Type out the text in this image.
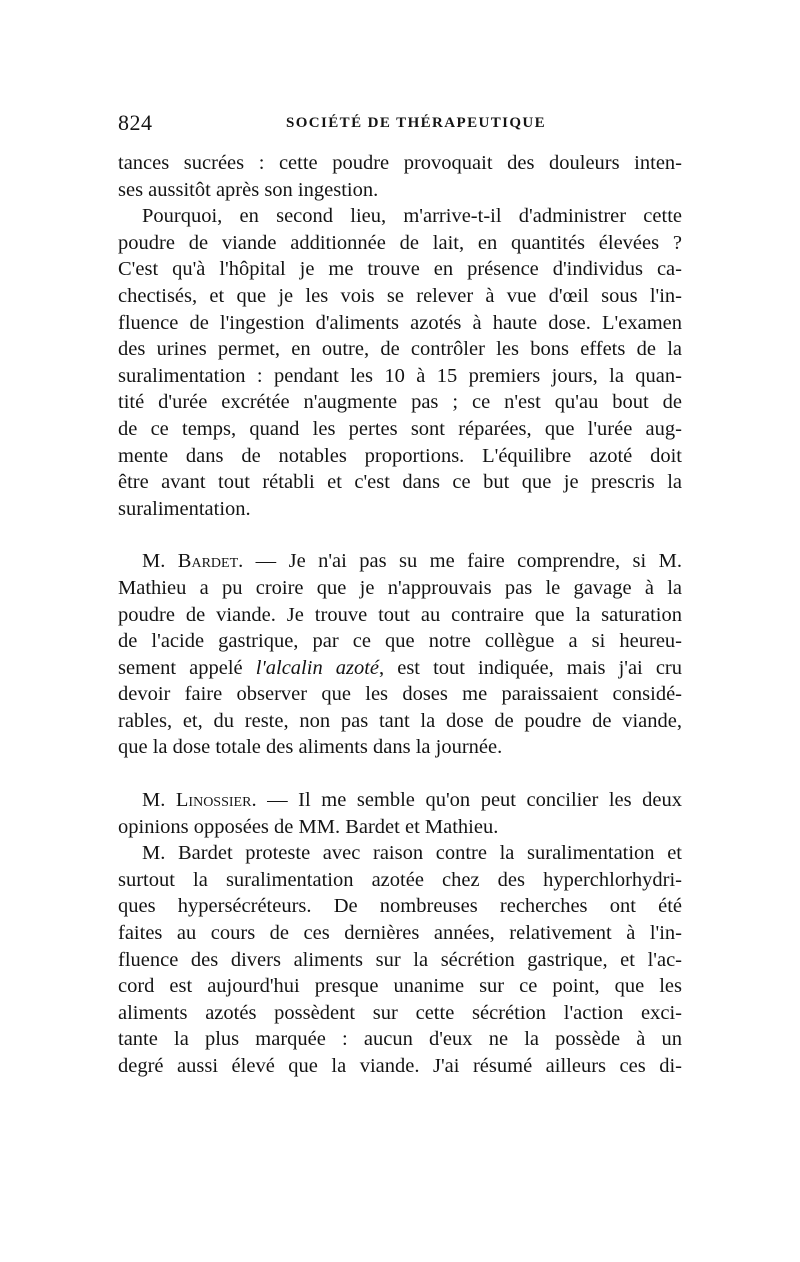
824	SOCIÉTÉ DE THÉRAPEUTIQUE
tances sucrées : cette poudre provoquait des douleurs inten-
ses aussitôt après son ingestion.
Pourquoi, en second lieu, m'arrive-t-il d'administrer cette
poudre de viande additionnée de lait, en quantités élevées ?
C'est qu'à l'hôpital je me trouve en présence d'individus ca-
chectisés, et que je les vois se relever à vue d'œil sous l'in-
fluence de l'ingestion d'aliments azotés à haute dose. L'examen
des urines permet, en outre, de contrôler les bons effets de la
suralimentation : pendant les 10 à 15 premiers jours, la quan-
tité d'urée excrétée n'augmente pas ; ce n'est qu'au bout de
de ce temps, quand les pertes sont réparées, que l'urée aug-
mente dans de notables proportions. L'équilibre azoté doit
être avant tout rétabli et c'est dans ce but que je prescris la
suralimentation.
M. Bardet. — Je n'ai pas su me faire comprendre, si M.
Mathieu a pu croire que je n'approuvais pas le gavage à la
poudre de viande. Je trouve tout au contraire que la saturation
de l'acide gastrique, par ce que notre collègue a si heureu-
sement appelé l'alcalin azoté, est tout indiquée, mais j'ai cru
devoir faire observer que les doses me paraissaient considé-
rables, et, du reste, non pas tant la dose de poudre de viande,
que la dose totale des aliments dans la journée.
M. Linossier. — Il me semble qu'on peut concilier les deux
opinions opposées de MM. Bardet et Mathieu.
M. Bardet proteste avec raison contre la suralimentation et
surtout la suralimentation azotée chez des hyperchlorhydri-
ques hypersécréteurs. De nombreuses recherches ont été
faites au cours de ces dernières années, relativement à l'in-
fluence des divers aliments sur la sécrétion gastrique, et l'ac-
cord est aujourd'hui presque unanime sur ce point, que les
aliments azotés possèdent sur cette sécrétion l'action exci-
tante la plus marquée : aucun d'eux ne la possède à un
degré aussi élevé que la viande. J'ai résumé ailleurs ces di-
